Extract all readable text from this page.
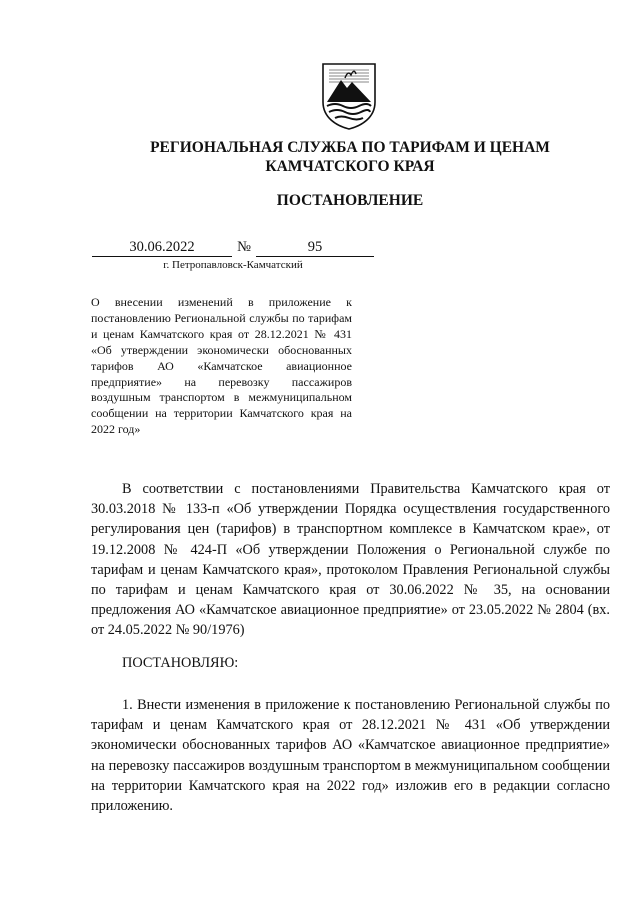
РЕГИОНАЛЬНАЯ СЛУЖБА ПО ТАРИФАМ И ЦЕНАМ
КАМЧАТСКОГО КРАЯ
ПОСТАНОВЛЕНИЕ
30.06.2022	№	95
г. Петропавловск-Камчатский
О внесении изменений в приложение к постановлению Региональной службы по тарифам и ценам Камчатского края от 28.12.2021 № 431 «Об утверждении экономически обоснованных тарифов АО «Камчатское авиационное предприятие» на перевозку пассажиров воздушным транспортом в межмуниципальном сообщении на территории Камчатского края на 2022 год»
В соответствии с постановлениями Правительства Камчатского края от 30.03.2018 № 133-п «Об утверждении Порядка осуществления государственного регулирования цен (тарифов) в транспортном комплексе в Камчатском крае», от 19.12.2008 № 424-П «Об утверждении Положения о Региональной службе по тарифам и ценам Камчатского края», протоколом Правления Региональной службы по тарифам и ценам Камчатского края от 30.06.2022 № 35, на основании предложения АО «Камчатское авиационное предприятие» от 23.05.2022 № 2804 (вх. от 24.05.2022 № 90/1976)
ПОСТАНОВЛЯЮ:
1. Внести изменения в приложение к постановлению Региональной службы по тарифам и ценам Камчатского края от 28.12.2021 № 431 «Об утверждении экономически обоснованных тарифов АО «Камчатское авиационное предприятие» на перевозку пассажиров воздушным транспортом в межмуниципальном сообщении на территории Камчатского края на 2022 год» изложив его в редакции согласно приложению.
